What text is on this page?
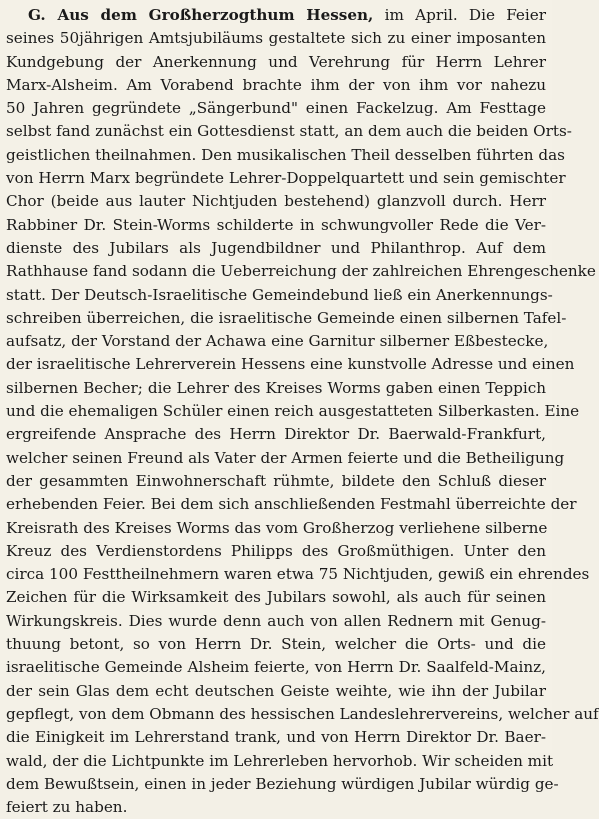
G. Aus dem Großherzogthum Hessen, im April. Die Feier
seines 50jährigen Amtsjubiläums gestaltete sich zu einer imposanten
Kundgebung der Anerkennung und Verehrung für Herrn Lehrer
Marx-Alsheim. Am Vorabend brachte ihm der von ihm vor nahezu
50 Jahren gegründete „Sängerbund" einen Fackelzug. Am Festtage
selbst fand zunächst ein Gottesdienst statt, an dem auch die beiden Orts-
geistlichen theilnahmen. Den musikalischen Theil desselben führten das
von Herrn Marx begründete Lehrer-Doppelquartett und sein gemischter
Chor (beide aus lauter Nichtjuden bestehend) glanzvoll durch. Herr
Rabbiner Dr. Stein-Worms schilderte in schwungvoller Rede die Ver-
dienste des Jubilars als Jugendbildner und Philanthrop. Auf dem
Rathhause fand sodann die Ueberreichung der zahlreichen Ehrengeschenke
statt. Der Deutsch-Israelitische Gemeindebund ließ ein Anerkennungs-
schreiben überreichen, die israelitische Gemeinde einen silbernen Tafel-
aufsatz, der Vorstand der Achawa eine Garnitur silberner Eßbestecke,
der israelitische Lehrerverein Hessens eine kunstvolle Adresse und einen
silbernen Becher; die Lehrer des Kreises Worms gaben einen Teppich
und die ehemaligen Schüler einen reich ausgestatteten Silberkasten. Eine
ergreifende Ansprache des Herrn Direktor Dr. Baerwald-Frankfurt,
welcher seinen Freund als Vater der Armen feierte und die Betheiligung
der gesammten Einwohnerschaft rühmte, bildete den Schluß dieser
erhebenden Feier. Bei dem sich anschließenden Festmahl überreichte der
Kreisrath des Kreises Worms das vom Großherzog verliehene silberne
Kreuz des Verdienstordens Philipps des Großmüthigen. Unter den
circa 100 Festtheilnehmern waren etwa 75 Nichtjuden, gewiß ein ehrendes
Zeichen für die Wirksamkeit des Jubilars sowohl, als auch für seinen
Wirkungskreis. Dies wurde denn auch von allen Rednern mit Genug-
thuung betont, so von Herrn Dr. Stein, welcher die Orts- und die
israelitische Gemeinde Alsheim feierte, von Herrn Dr. Saalfeld-Mainz,
der sein Glas dem echt deutschen Geiste weihte, wie ihn der Jubilar
gepflegt, von dem Obmann des hessischen Landeslehrervereins, welcher auf
die Einigkeit im Lehrerstand trank, und von Herrn Direktor Dr. Baer-
wald, der die Lichtpunkte im Lehrerleben hervorhob. Wir scheiden mit
dem Bewußtsein, einen in jeder Beziehung würdigen Jubilar würdig ge-
feiert zu haben.
